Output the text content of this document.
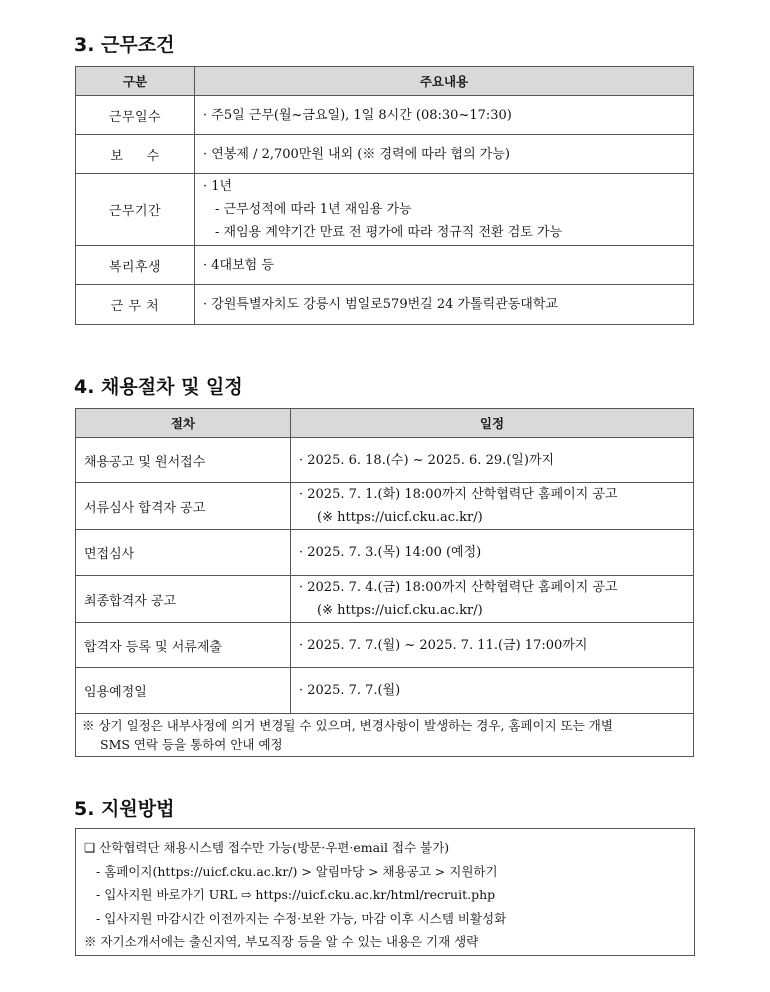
3. 근무조건
구분	주요내용
근무일수	· 주5일 근무(월~금요일), 1일 8시간 (08:30~17:30)

보     수	· 연봉제 / 2,700만원 내외 (※ 경력에 따라 협의 가능)

근무기간	· 1년
- 근무성적에 따라 1년 재임용 가능
- 재임용 계약기간 만료 전 평가에 따라 정규직 전환 검토 가능

복리후생	· 4대보험 등

근 무 처	· 강원특별자치도 강릉시 범일로579번길 24 가톨릭관동대학교
4. 채용절차 및 일정
절차	일정
채용공고 및 원서접수	· 2025. 6. 18.(수) ~ 2025. 6. 29.(일)까지

서류심사 합격자 공고	· 2025. 7. 1.(화) 18:00까지 산학협력단 홈페이지 공고
(※ https://uicf.cku.ac.kr/)

면접심사	· 2025. 7. 3.(목) 14:00 (예정)

최종합격자 공고	· 2025. 7. 4.(금) 18:00까지 산학협력단 홈페이지 공고
(※ https://uicf.cku.ac.kr/)

합격자 등록 및 서류제출	· 2025. 7. 7.(월) ~ 2025. 7. 11.(금) 17:00까지

임용예정일	· 2025. 7. 7.(월)

※ 상기 일정은 내부사정에 의거 변경될 수 있으며, 변경사항이 발생하는 경우, 홈페이지 또는 개별
SMS 연락 등을 통하여 안내 예정	
5. 지원방법
❑ 산학협력단 채용시스템 접수만 가능(방문·우편·email 접수 불가)
- 홈페이지(https://uicf.cku.ac.kr/) > 알림마당 > 채용공고 > 지원하기
- 입사지원 바로가기 URL ⇨ https://uicf.cku.ac.kr/html/recruit.php
- 입사지원 마감시간 이전까지는 수정·보완 가능, 마감 이후 시스템 비활성화
※ 자기소개서에는 출신지역, 부모직장 등을 알 수 있는 내용은 기재 생략
